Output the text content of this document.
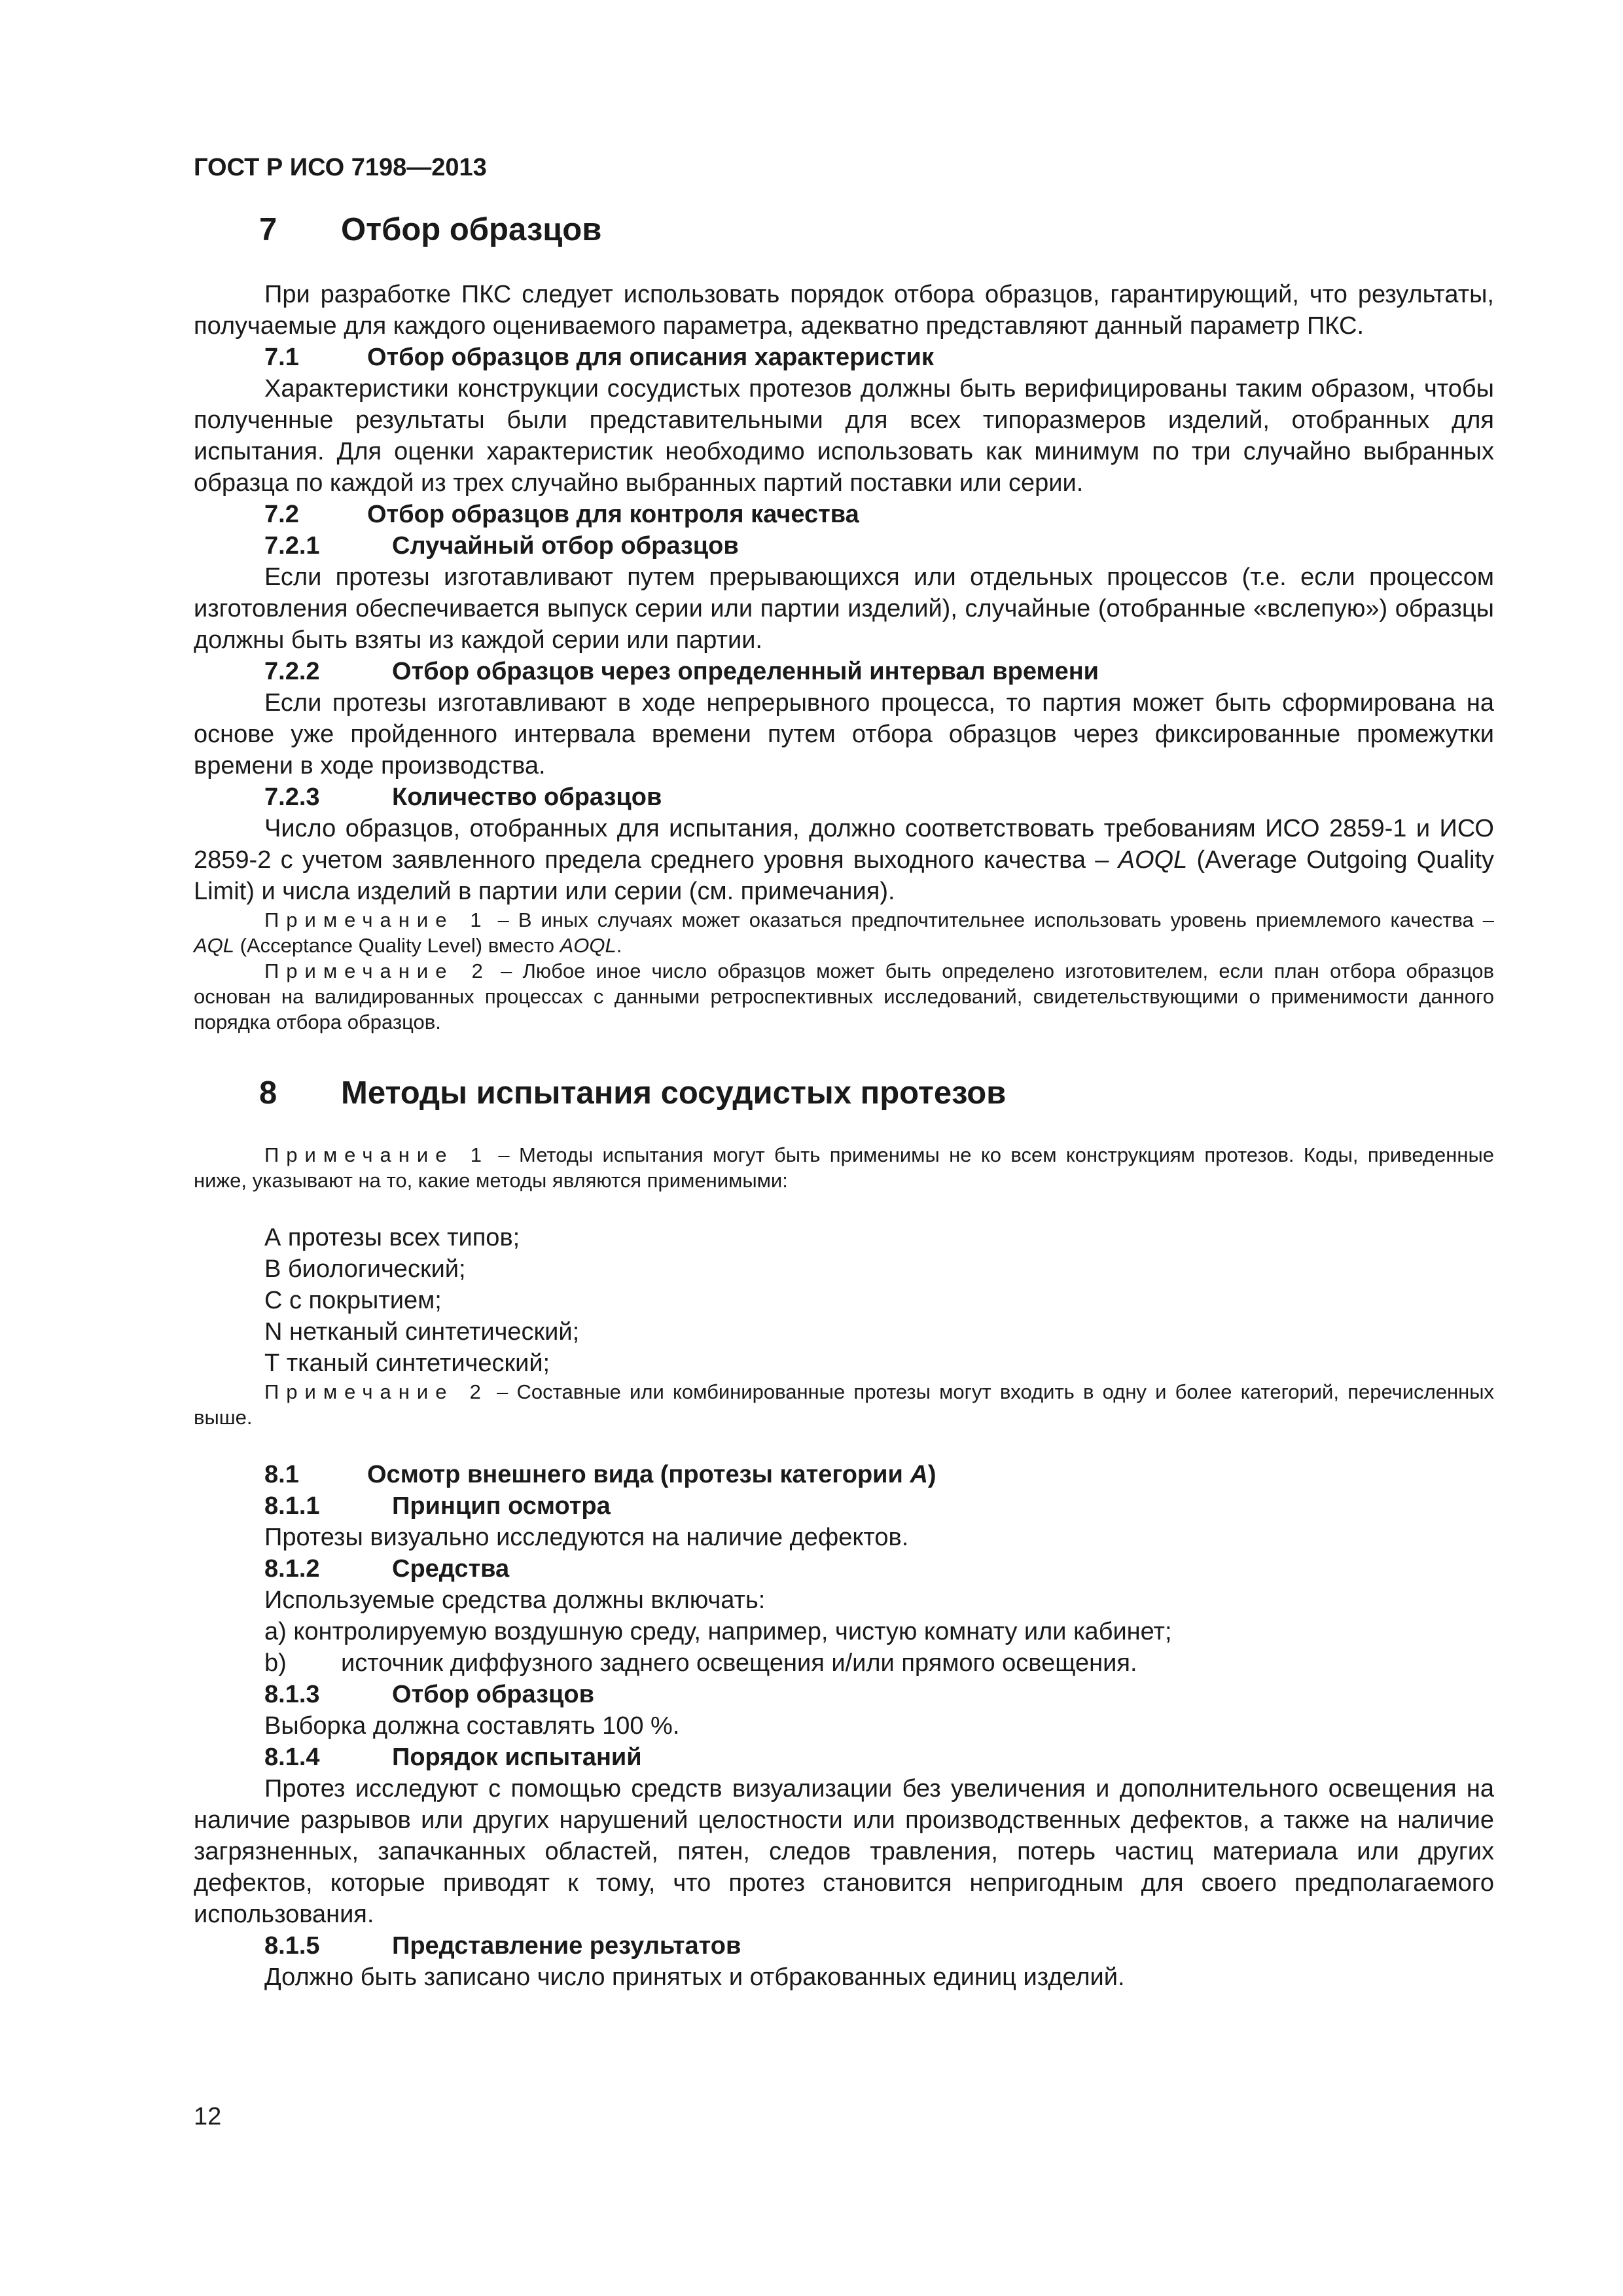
ГОСТ Р ИСО 7198—2013
7 Отбор образцов

При разработке ПКС следует использовать порядок отбора образцов, гарантирующий, что результаты, получаемые для каждого оцениваемого параметра, адекватно представляют данный параметр ПКС.

7.1	Отбор образцов для описания характеристик

Характеристики конструкции сосудистых протезов должны быть верифицированы таким образом, чтобы полученные результаты были представительными для всех типоразмеров изделий, отобранных для испытания. Для оценки характеристик необходимо использовать как минимум по три случайно выбранных образца по каждой из трех случайно выбранных партий поставки или серии.

7.2	Отбор образцов для контроля качества
7.2.1	Случайный отбор образцов

Если протезы изготавливают путем прерывающихся или отдельных процессов (т.е. если процессом изготовления обеспечивается выпуск серии или партии изделий), случайные (отобранные «вслепую») образцы должны быть взяты из каждой серии или партии.

7.2.2	Отбор образцов через определенный интервал времени

Если протезы изготавливают в ходе непрерывного процесса, то партия может быть сформирована на основе уже пройденного интервала времени путем отбора образцов через фиксированные промежутки времени в ходе производства.

7.2.3	Количество образцов

Число образцов, отобранных для испытания, должно соответствовать требованиям ИСО 2859-1 и ИСО 2859-2 с учетом заявленного предела среднего уровня выходного качества – AOQL (Average Outgoing Quality Limit) и числа изделий в партии или серии (см. примечания).

Примечание 1 – В иных случаях может оказаться предпочтительнее использовать уровень приемлемого качества – AQL (Acceptance Quality Level) вместо AOQL.

Примечание 2 – Любое иное число образцов может быть определено изготовителем, если план отбора образцов основан на валидированных процессах с данными ретроспективных исследований, свидетельствующими о применимости данного порядка отбора образцов.

8 Методы испытания сосудистых протезов

Примечание 1 – Методы испытания могут быть применимы не ко всем конструкциям протезов. Коды, приведенные ниже, указывают на то, какие методы являются применимыми:

А протезы всех типов;
В биологический;
С с покрытием;
N нетканый синтетический;
Т тканый синтетический;

Примечание 2 – Составные или комбинированные протезы могут входить в одну и более категорий, перечисленных выше.

8.1	Осмотр внешнего вида (протезы категории А)
8.1.1	Принцип осмотра

Протезы визуально исследуются на наличие дефектов.

8.1.2	Средства

Используемые средства должны включать:

а) контролируемую воздушную среду, например, чистую комнату или кабинет;
b) источник диффузного заднего освещения и/или прямого освещения.
8.1.3	Отбор образцов

Выборка должна составлять 100 %.

8.1.4	Порядок испытаний

Протез исследуют с помощью средств визуализации без увеличения и дополнительного освещения на наличие разрывов или других нарушений целостности или производственных дефектов, а также на наличие загрязненных, запачканных областей, пятен, следов травления, потерь частиц материала или других дефектов, которые приводят к тому, что протез становится непригодным для своего предполагаемого использования.

8.1.5	Представление результатов

Должно быть записано число принятых и отбракованных единиц изделий.

12
